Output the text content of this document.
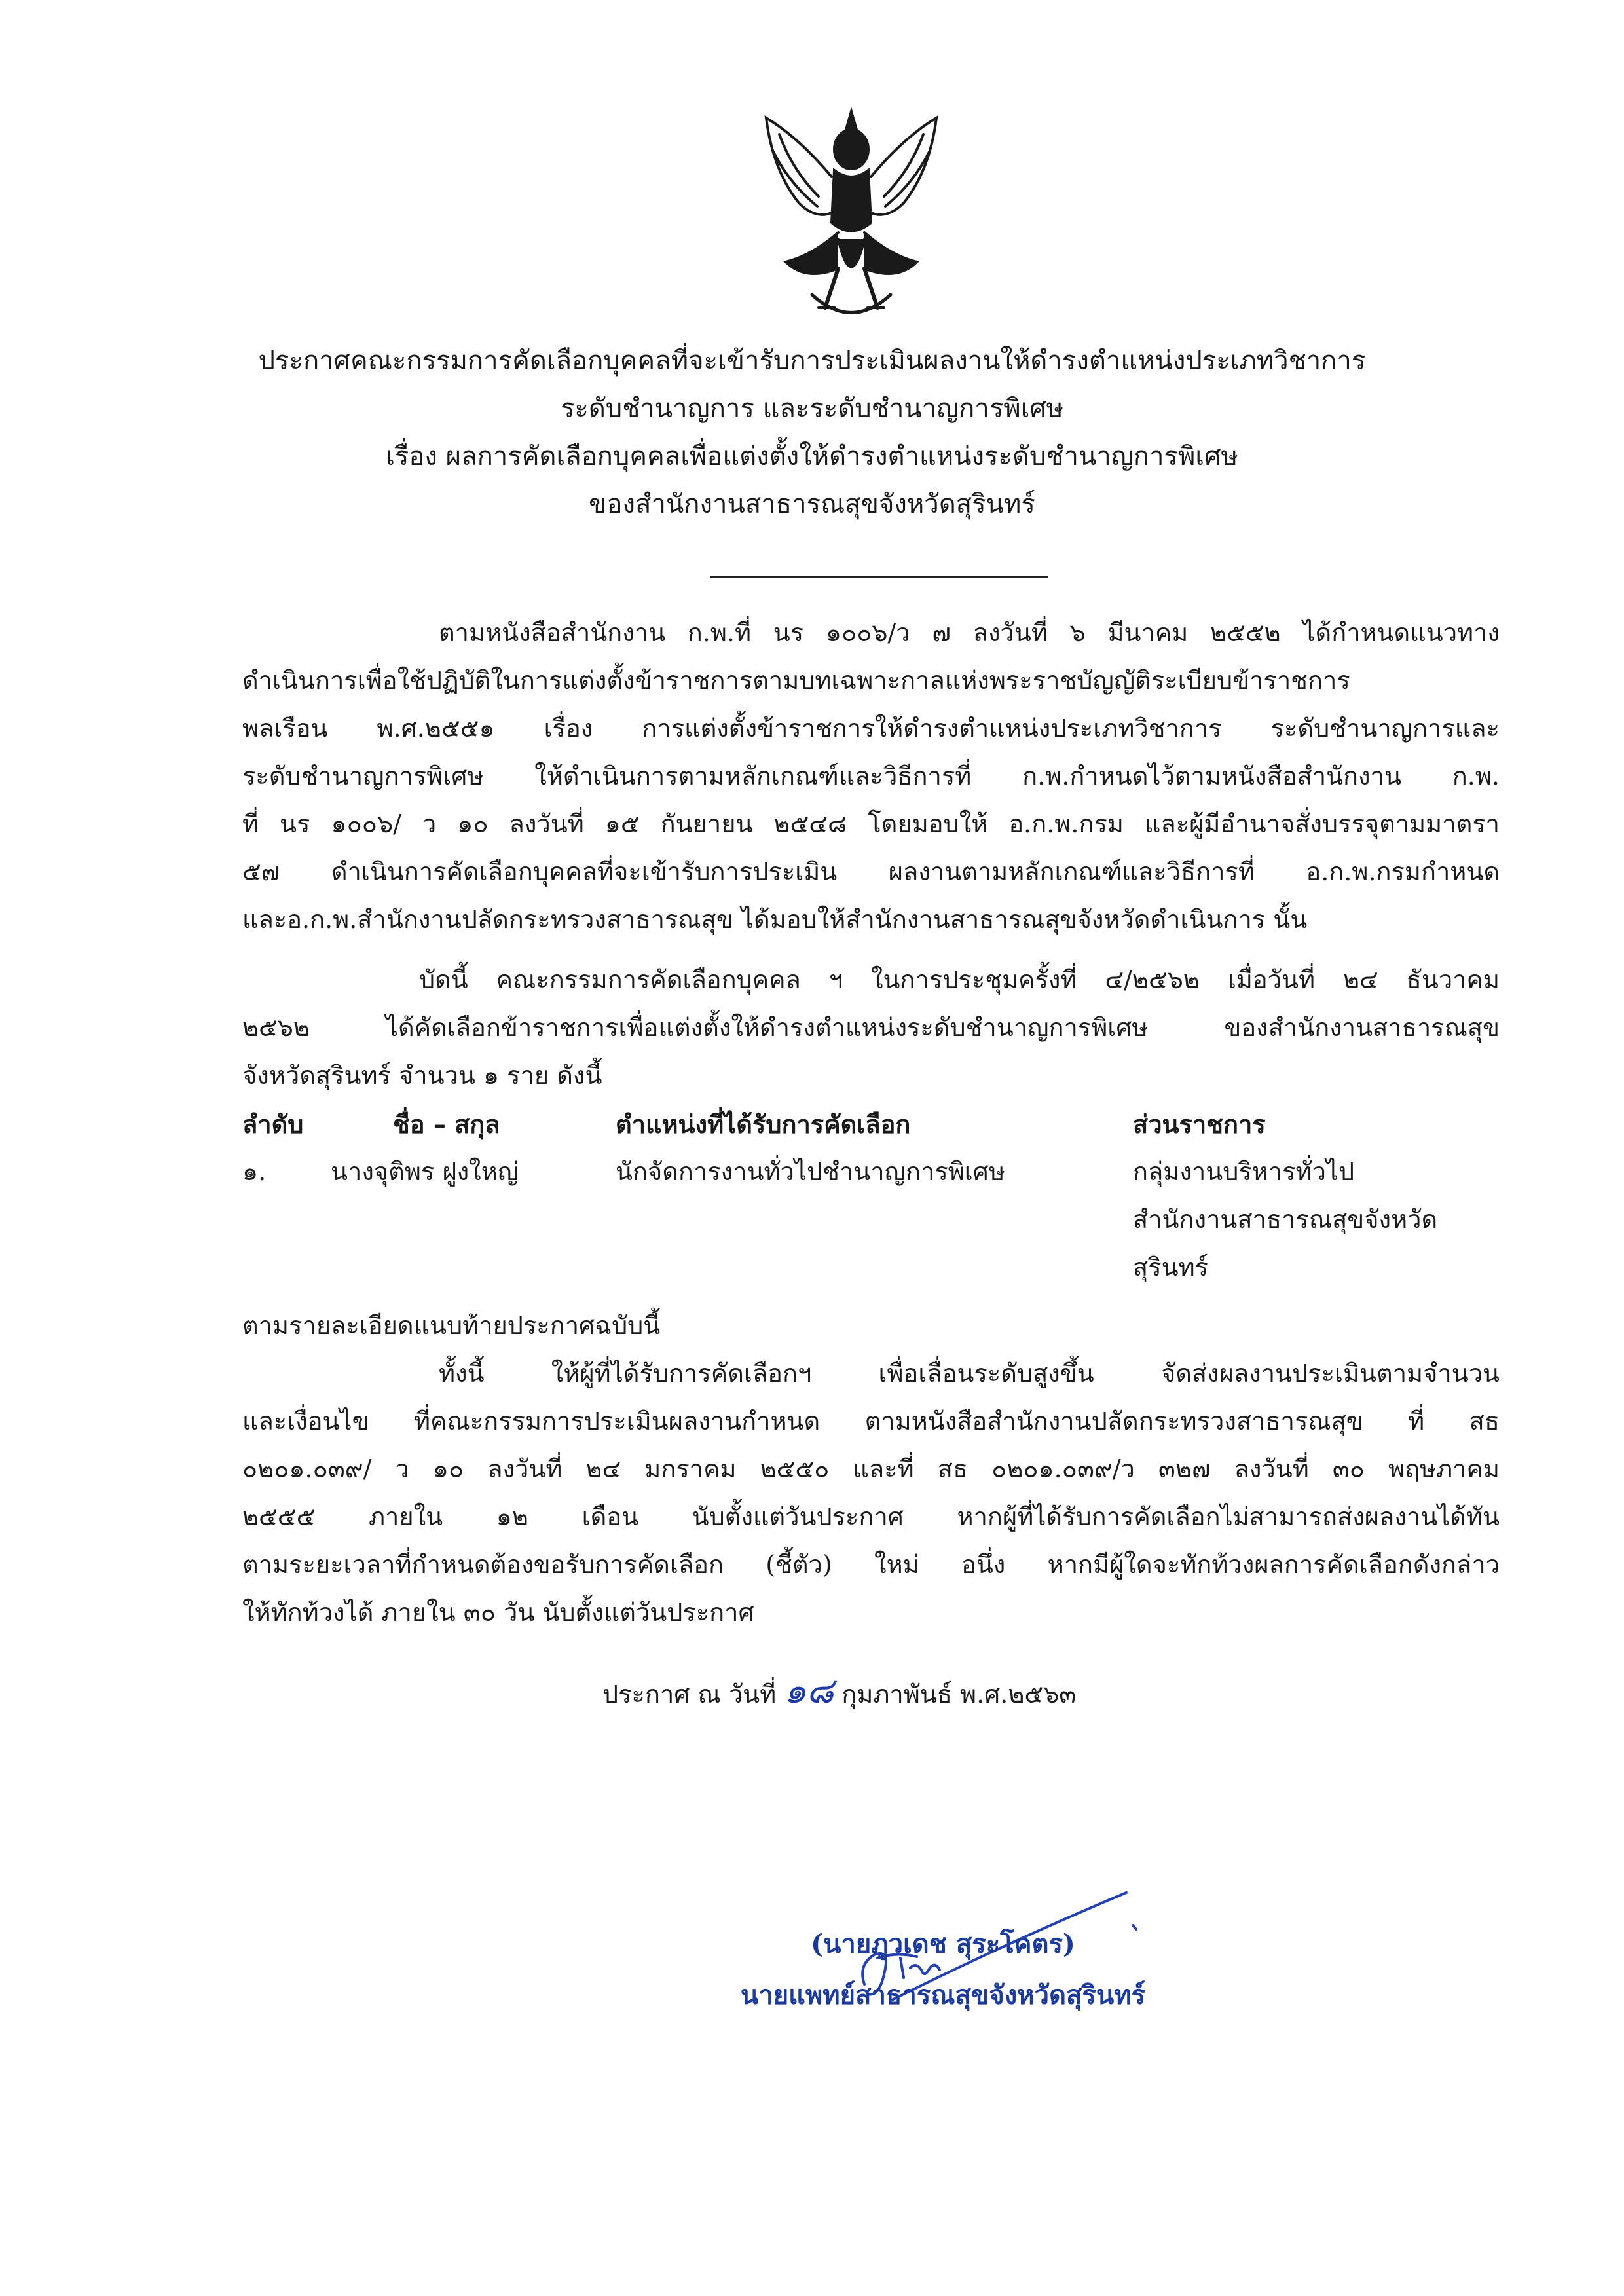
ประกาศคณะกรรมการคัดเลือกบุคคลที่จะเข้ารับการประเมินผลงานให้ดำรงตำแหน่งประเภทวิชาการ
ระดับชำนาญการ และระดับชำนาญการพิเศษ
เรื่อง ผลการคัดเลือกบุคคลเพื่อแต่งตั้งให้ดำรงตำแหน่งระดับชำนาญการพิเศษ
ของสำนักงานสาธารณสุขจังหวัดสุรินทร์
ตามหนังสือสำนักงาน ก.พ.ที่ นร ๑๐๐๖/ว ๗ ลงวันที่ ๖ มีนาคม ๒๕๕๒ ได้กำหนดแนวทาง
ดำเนินการเพื่อใช้ปฏิบัติในการแต่งตั้งข้าราชการตามบทเฉพาะกาลแห่งพระราชบัญญัติระเบียบข้าราชการ
พลเรือน พ.ศ.๒๕๕๑ เรื่อง การแต่งตั้งข้าราชการให้ดำรงตำแหน่งประเภทวิชาการ ระดับชำนาญการและ
ระดับชำนาญการพิเศษ ให้ดำเนินการตามหลักเกณฑ์และวิธีการที่ ก.พ.กำหนดไว้ตามหนังสือสำนักงาน ก.พ.
ที่ นร ๑๐๐๖/ ว ๑๐ ลงวันที่ ๑๕ กันยายน ๒๕๔๘ โดยมอบให้ อ.ก.พ.กรม และผู้มีอำนาจสั่งบรรจุตามมาตรา
๕๗ ดำเนินการคัดเลือกบุคคลที่จะเข้ารับการประเมิน ผลงานตามหลักเกณฑ์และวิธีการที่ อ.ก.พ.กรมกำหนด
และอ.ก.พ.สำนักงานปลัดกระทรวงสาธารณสุข ได้มอบให้สำนักงานสาธารณสุขจังหวัดดำเนินการ นั้น
บัดนี้ คณะกรรมการคัดเลือกบุคคล ฯ ในการประชุมครั้งที่ ๔/๒๕๖๒ เมื่อวันที่ ๒๔ ธันวาคม
๒๕๖๒ ได้คัดเลือกข้าราชการเพื่อแต่งตั้งให้ดำรงตำแหน่งระดับชำนาญการพิเศษ ของสำนักงานสาธารณสุข
จังหวัดสุรินทร์ จำนวน ๑ ราย ดังนี้
ลำดับ	ชื่อ – สกุล	ตำแหน่งที่ได้รับการคัดเลือก	ส่วนราชการ
๑.	นางจุติพร ฝูงใหญ่	นักจัดการงานทั่วไปชำนาญการพิเศษ	กลุ่มงานบริหารทั่วไป
สำนักงานสาธารณสุขจังหวัด
สุรินทร์
ตามรายละเอียดแนบท้ายประกาศฉบับนี้
ทั้งนี้ ให้ผู้ที่ได้รับการคัดเลือกฯ เพื่อเลื่อนระดับสูงขึ้น จัดส่งผลงานประเมินตามจำนวน
และเงื่อนไข ที่คณะกรรมการประเมินผลงานกำหนด ตามหนังสือสำนักงานปลัดกระทรวงสาธารณสุข ที่ สธ
๐๒๐๑.๐๓๙/ ว ๑๐ ลงวันที่ ๒๔ มกราคม ๒๕๕๐ และที่ สธ ๐๒๐๑.๐๓๙/ว ๓๒๗ ลงวันที่ ๓๐ พฤษภาคม
๒๕๕๕ ภายใน ๑๒ เดือน นับตั้งแต่วันประกาศ หากผู้ที่ได้รับการคัดเลือกไม่สามารถส่งผลงานได้ทัน
ตามระยะเวลาที่กำหนดต้องขอรับการคัดเลือก (ชี้ตัว) ใหม่ อนึ่ง หากมีผู้ใดจะทักท้วงผลการคัดเลือกดังกล่าว
ให้ทักท้วงได้ ภายใน ๓๐ วัน นับตั้งแต่วันประกาศ
ประกาศ ณ วันที่ ๑๘ กุมภาพันธ์ พ.ศ.๒๕๖๓
(นายภูวเดช สุระโคตร)
นายแพทย์สาธารณสุขจังหวัดสุรินทร์
